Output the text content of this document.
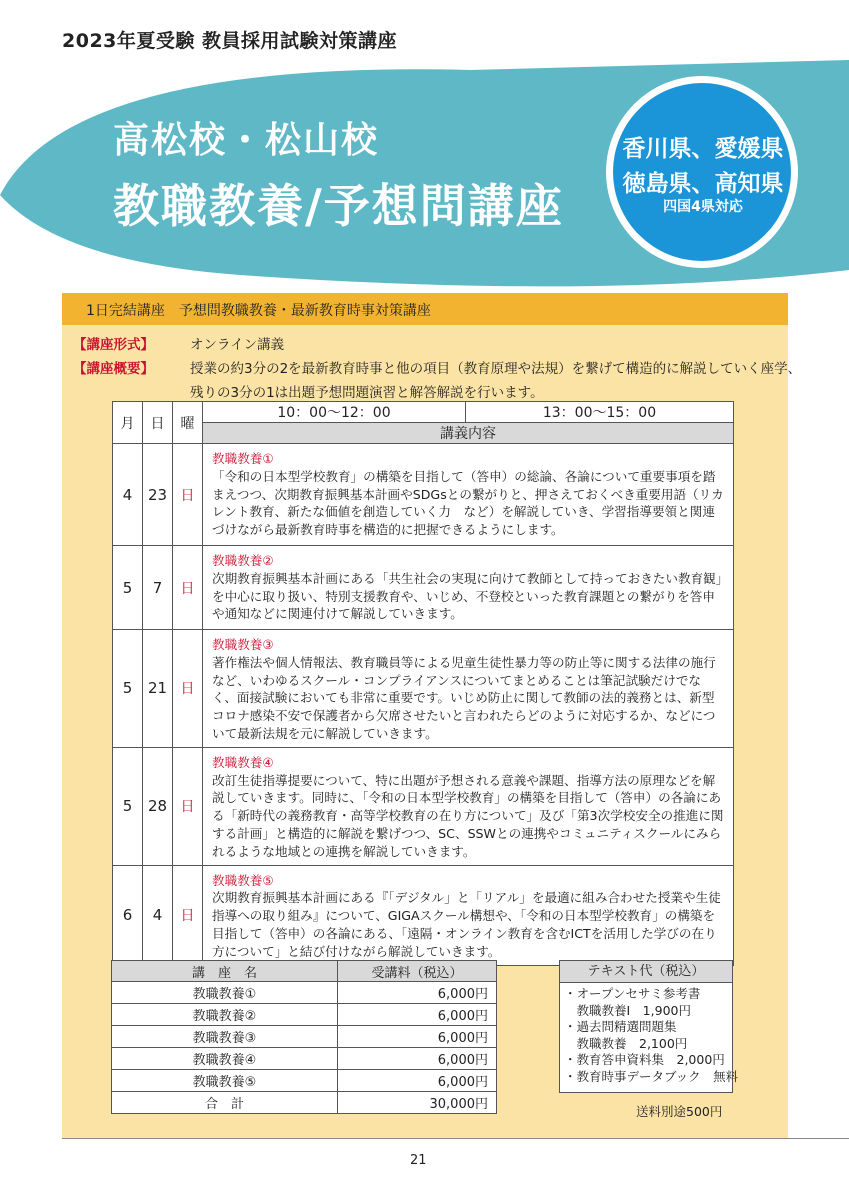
2023年夏受験 教員採用試験対策講座
高松校・松山校
教職教養/予想問講座
香川県、愛媛県
徳島県、高知県
四国4県対応
1日完結講座　予想問教職教養・最新教育時事対策講座
【講座形式】	オンライン講義
【講座概要】	授業の約3分の2を最新教育時事と他の項目（教育原理や法規）を繋げて構造的に解説していく座学、
残りの3分の1は出題予想問題演習と解答解説を行います。
月	日	曜	10：00～12：00	13：00～15：00
			講義内容	
4	23	日	教職教養①
「令和の日本型学校教育」の構築を目指して（答申）の総論、各論について重要事項を踏まえつつ、次期教育振興基本計画やSDGsとの繋がりと、押さえておくべき重要用語（リカレント教育、新たな価値を創造していく力　など）を解説していき、学習指導要領と関連づけながら最新教育時事を構造的に把握できるようにします。	
5	7	日	教職教養②
次期教育振興基本計画にある「共生社会の実現に向けて教師として持っておきたい教育観」を中心に取り扱い、特別支援教育や、いじめ、不登校といった教育課題との繋がりを答申や通知などに関連付けて解説していきます。	
5	21	日	教職教養③
著作権法や個人情報法、教育職員等による児童生徒性暴力等の防止等に関する法律の施行など、いわゆるスクール・コンプライアンスについてまとめることは筆記試験だけでなく、面接試験においても非常に重要です。いじめ防止に関して教師の法的義務とは、新型コロナ感染不安で保護者から欠席させたいと言われたらどのように対応するか、などについて最新法規を元に解説していきます。	
5	28	日	教職教養④
改訂生徒指導提要について、特に出題が予想される意義や課題、指導方法の原理などを解説していきます。同時に、「令和の日本型学校教育」の構築を目指して（答申）の各論にある「新時代の義務教育・高等学校教育の在り方について」及び「第3次学校安全の推進に関する計画」と構造的に解説を繋げつつ、SC、SSWとの連携やコミュニティスクールにみられるような地域との連携を解説していきます。	
6	4	日	教職教養⑤
次期教育振興基本計画にある『「デジタル」と「リアル」を最適に組み合わせた授業や生徒指導への取り組み』について、GIGAスクール構想や、「令和の日本型学校教育」の構築を目指して（答申）の各論にある、「遠隔・オンライン教育を含むICTを活用した学びの在り方について」と結び付けながら解説していきます。	
講　座　名	受講料（税込）
教職教養①	6,000円
教職教養②	6,000円
教職教養③	6,000円
教職教養④	6,000円
教職教養⑤	6,000円
合　計	30,000円
テキスト代（税込）
・オープンセサミ参考書
　教職教養Ⅰ　1,900円
・過去問精選問題集
　教職教養　2,100円
・教育答申資料集　2,000円
・教育時事データブック　無料
送料別途500円
21
